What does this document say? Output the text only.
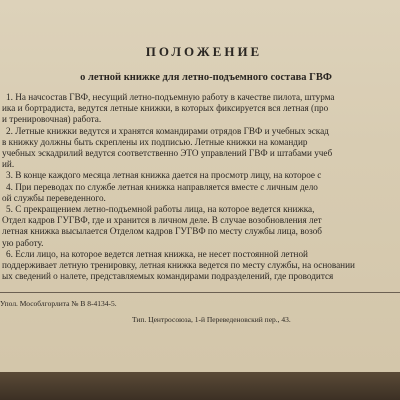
ПОЛОЖЕНИЕ
о летной книжке для летно-подъемного состава ГВФ
1. На начсостав ГВФ, несущий летно-подъемную работу в качестве пилота, штурма
ика и бортрадиста, ведутся летные книжки, в которых фиксируется вся летная (про
и тренировочная) работа.
2. Летные книжки ведутся и хранятся командирами отрядов ГВФ и учебных эскад
в книжку должны быть скреплены их подписью. Летные книжки на командир
учебных эскадрилий ведутся соответственно ЭТО управлений ГВФ и штабами учеб
ий.
3. В конце каждого месяца летная книжка дается на просмотр лицу, на которое с
4. При переводах по службе летная книжка направляется вместе с личным дело
ой службы переведенного.
5. С прекращением летно-подъемной работы лица, на которое ведется книжка,
Отдел кадров ГУГВФ, где и хранится в личном деле. В случае возобновления лет
летная книжка высылается Отделом кадров ГУГВФ по месту службы лица, возоб
ую работу.
6. Если лицо, на которое ведется летная книжка, не несет постоянной летной
поддерживает летную тренировку, летная книжка ведется по месту службы, на основании
ых сведений о налете, представляемых командирами подразделений, где проводится
Упол. Мособлгорлита № В 8-4134-5.
Тип. Центросоюза, 1-й Переведеновский пер., 43.
